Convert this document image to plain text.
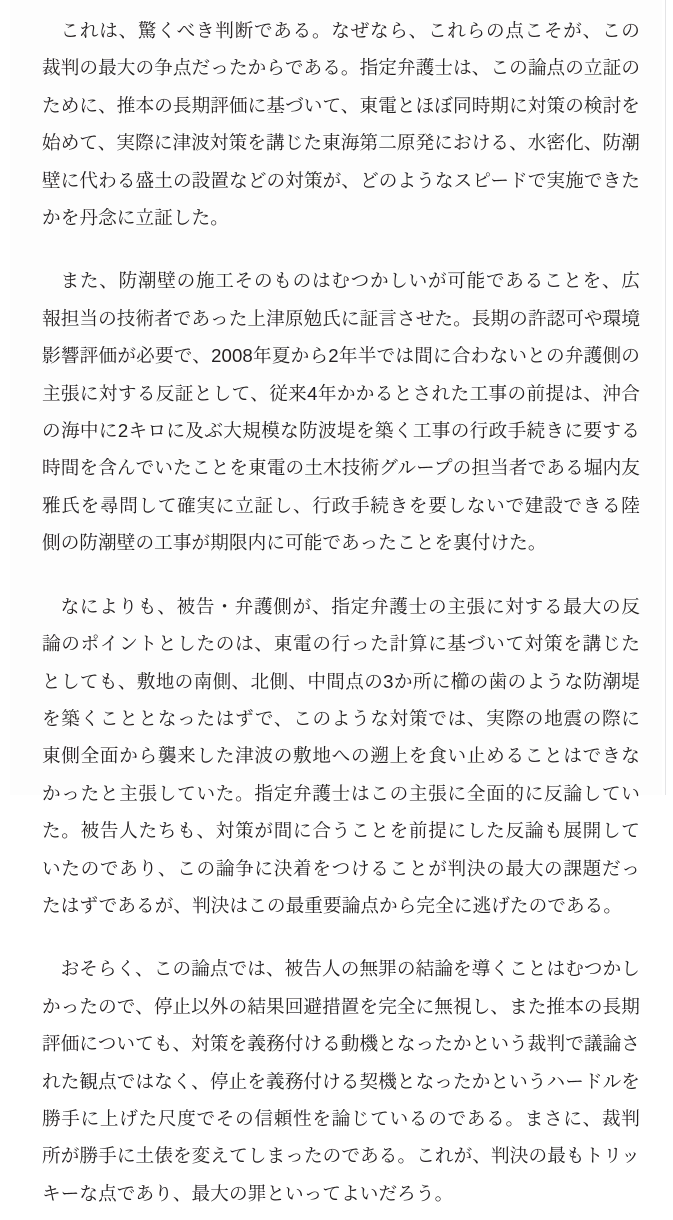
これは、驚くべき判断である。なぜなら、これらの点こそが、この裁判の最大の争点だったからである。指定弁護士は、この論点の立証のために、推本の長期評価に基づいて、東電とほぼ同時期に対策の検討を始めて、実際に津波対策を講じた東海第二原発における、水密化、防潮壁に代わる盛土の設置などの対策が、どのようなスピードで実施できたかを丹念に立証した。

また、防潮壁の施工そのものはむつかしいが可能であることを、広報担当の技術者であった上津原勉氏に証言させた。長期の許認可や環境影響評価が必要で、2008年夏から2年半では間に合わないとの弁護側の主張に対する反証として、従来4年かかるとされた工事の前提は、沖合の海中に2キロに及ぶ大規模な防波堤を築く工事の行政手続きに要する時間を含んでいたことを東電の土木技術グループの担当者である堀内友雅氏を尋問して確実に立証し、行政手続きを要しないで建設できる陸側の防潮壁の工事が期限内に可能であったことを裏付けた。

なによりも、被告・弁護側が、指定弁護士の主張に対する最大の反論のポイントとしたのは、東電の行った計算に基づいて対策を講じたとしても、敷地の南側、北側、中間点の3か所に櫛の歯のような防潮堤を築くこととなったはずで、このような対策では、実際の地震の際に東側全面から襲来した津波の敷地への遡上を食い止めることはできなかったと主張していた。指定弁護士はこの主張に全面的に反論していた。被告人たちも、対策が間に合うことを前提にした反論も展開していたのであり、この論争に決着をつけることが判決の最大の課題だったはずであるが、判決はこの最重要論点から完全に逃げたのである。

おそらく、この論点では、被告人の無罪の結論を導くことはむつかしかったので、停止以外の結果回避措置を完全に無視し、また推本の長期評価についても、対策を義務付ける動機となったかという裁判で議論された観点ではなく、停止を義務付ける契機となったかというハードルを勝手に上げた尺度でその信頼性を論じているのである。まさに、裁判所が勝手に土俵を変えてしまったのである。これが、判決の最もトリッキーな点であり、最大の罪といってよいだろう。
